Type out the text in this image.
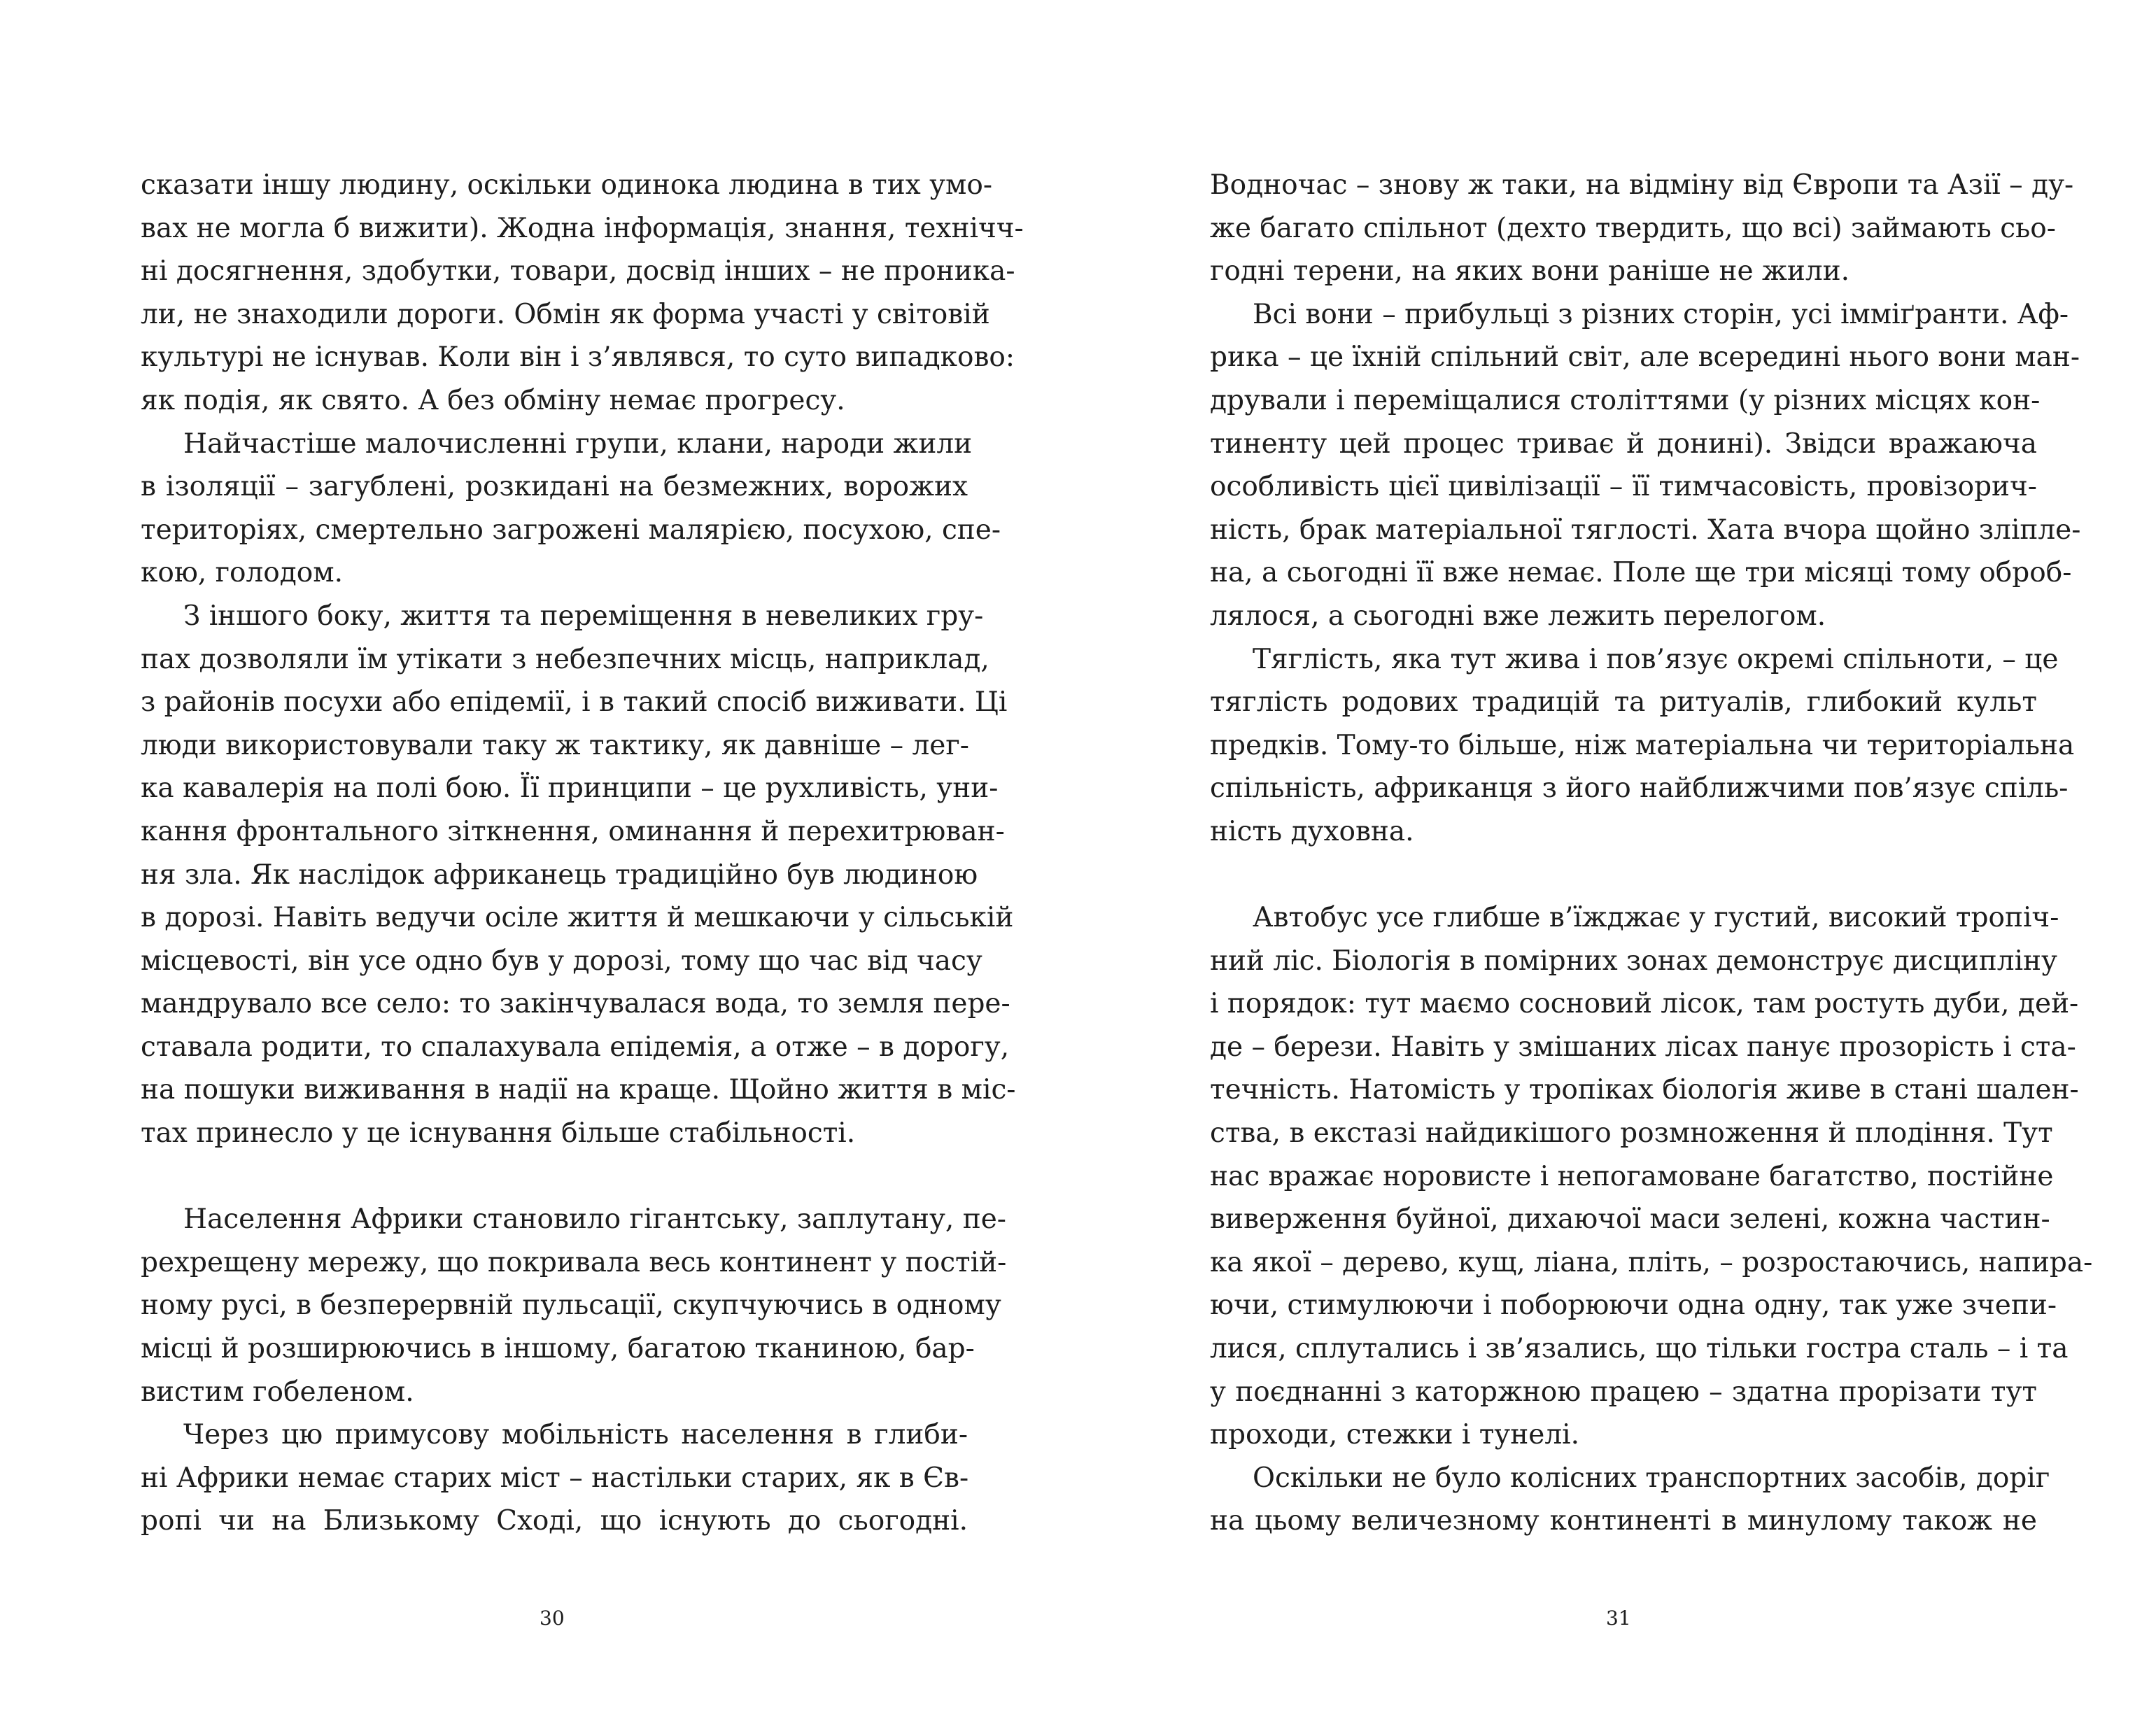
сказати іншу людину, оскільки одинока людина в тих умо-
вах не могла б вижити). Жодна інформація, знання, технічч-
ні досягнення, здобутки, товари, досвід інших – не проника-
ли, не знаходили дороги. Обмін як форма участі у світовій
культурі не існував. Коли він і з’являвся, то суто випадково:
як подія, як свято. А без обміну немає прогресу.
Найчастіше малочисленні групи, клани, народи жили
в ізоляції – загублені, розкидані на безмежних, ворожих
територіях, смертельно загрожені малярією, посухою, спе-
кою, голодом.
З іншого боку, життя та переміщення в невеликих гру-
пах дозволяли їм утікати з небезпечних місць, наприклад,
з районів посухи або епідемії, і в такий спосіб виживати. Ці
люди використовували таку ж тактику, як давніше – лег-
ка кавалерія на полі бою. Її принципи – це рухливість, уни-
кання фронтального зіткнення, оминання й перехитрюван-
ня зла. Як наслідок африканець традиційно був людиною
в дорозі. Навіть ведучи осіле життя й мешкаючи у сільській
місцевості, він усе одно був у дорозі, тому що час від часу
мандрувало все село: то закінчувалася вода, то земля пере-
ставала родити, то спалахувала епідемія, а отже – в дорогу,
на пошуки виживання в надії на краще. Щойно життя в міс-
тах принесло у це існування більше стабільності.
Населення Африки становило гігантську, заплутану, пе-
рехрещену мережу, що покривала весь континент у постій-
ному русі, в безперервній пульсації, скупчуючись в одному
місці й розширюючись в іншому, багатою тканиною, бар-
вистим гобеленом.
Через цю примусову мобільність населення в глиби-
ні Африки немає старих міст – настільки старих, як в Єв-
ропі чи на Близькому Сході, що існують до сьогодні.
30
Водночас – знову ж таки, на відміну від Європи та Азії – ду-
же багато спільнот (дехто твердить, що всі) займають сьо-
годні терени, на яких вони раніше не жили.
Всі вони – прибульці з різних сторін, усі імміґранти. Аф-
рика – це їхній спільний світ, але всередині нього вони ман-
дрували і переміщалися століттями (у різних місцях кон-
тиненту цей процес триває й донині). Звідси вражаюча
особливість цієї цивілізації – її тимчасовість, провізорич-
ність, брак матеріальної тяглості. Хата вчора щойно зліпле-
на, а сьогодні її вже немає. Поле ще три місяці тому оброб-
лялося, а сьогодні вже лежить перелогом.
Тяглість, яка тут жива і пов’язує окремі спільноти, – це
тяглість родових традицій та ритуалів, глибокий культ
предків. Тому-то більше, ніж матеріальна чи територіальна
спільність, африканця з його найближчими пов’язує спіль-
ність духовна.
Автобус усе глибше в’їжджає у густий, високий тропіч-
ний ліс. Біологія в помірних зонах демонструє дисципліну
і порядок: тут маємо сосновий лісок, там ростуть дуби, дей-
де – берези. Навіть у змішаних лісах панує прозорість і ста-
течність. Натомість у тропіках біологія живе в стані шален-
ства, в екстазі найдикішого розмноження й плодіння. Тут
нас вражає норовисте і непогамоване багатство, постійне
виверження буйної, дихаючої маси зелені, кожна частин-
ка якої – дерево, кущ, ліана, пліть, – розростаючись, напира-
ючи, стимулюючи і поборюючи одна одну, так уже зчепи-
лися, сплутались і зв’язались, що тільки гостра сталь – і та
у поєднанні з каторжною працею – здатна прорізати тут
проходи, стежки і тунелі.
Оскільки не було колісних транспортних засобів, доріг
на цьому величезному континенті в минулому також не
31
